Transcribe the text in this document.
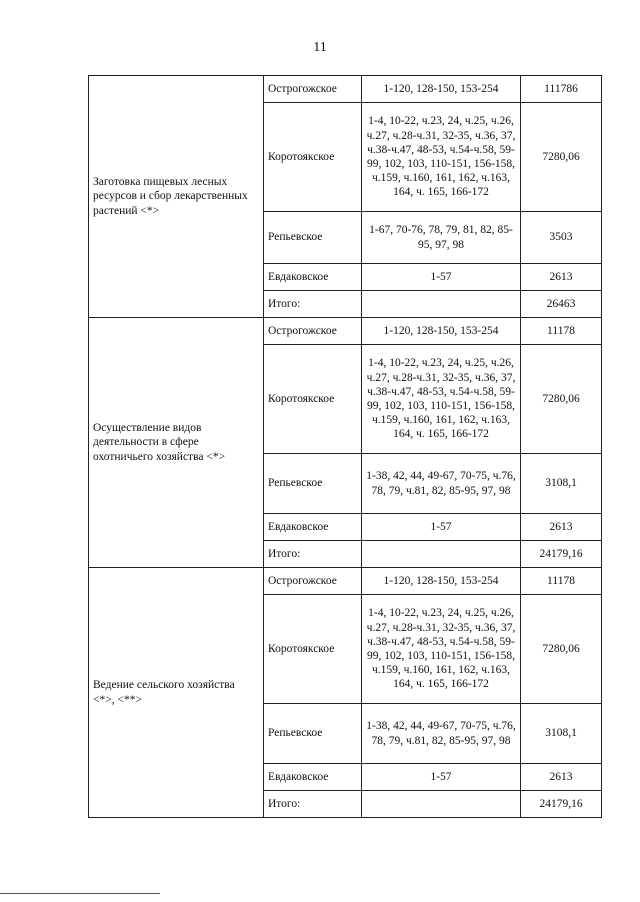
11
Заготовка пищевых лесных ресурсов и сбор лекарственных растений <*>	Острогожское	1-120, 128-150, 153-254	111786
	Коротоякское	1-4, 10-22, ч.23, 24, ч.25, ч.26, ч.27, ч.28-ч.31, 32-35, ч.36, 37, ч.38-ч.47, 48-53, ч.54-ч.58, 59-99, 102, 103, 110-151, 156-158, ч.159, ч.160, 161, 162, ч.163, 164, ч. 165, 166-172	7280,06
	Репьевское	1-67, 70-76, 78, 79, 81, 82, 85-95, 97, 98	3503
	Евдаковское	1-57	2613
	Итого:		26463
Осуществление видов деятельности в сфере охотничьего хозяйства <*>	Острогожское	1-120, 128-150, 153-254	11178
	Коротоякское	1-4, 10-22, ч.23, 24, ч.25, ч.26, ч.27, ч.28-ч.31, 32-35, ч.36, 37, ч.38-ч.47, 48-53, ч.54-ч.58, 59-99, 102, 103, 110-151, 156-158, ч.159, ч.160, 161, 162, ч.163, 164, ч. 165, 166-172	7280,06
	Репьевское	1-38, 42, 44, 49-67, 70-75, ч.76, 78, 79, ч.81, 82, 85-95, 97, 98	3108,1
	Евдаковское	1-57	2613
	Итого:		24179,16
Ведение сельского хозяйства <*>, <**>	Острогожское	1-120, 128-150, 153-254	11178
	Коротоякское	1-4, 10-22, ч.23, 24, ч.25, ч.26, ч.27, ч.28-ч.31, 32-35, ч.36, 37, ч.38-ч.47, 48-53, ч.54-ч.58, 59-99, 102, 103, 110-151, 156-158, ч.159, ч.160, 161, 162, ч.163, 164, ч. 165, 166-172	7280,06
	Репьевское	1-38, 42, 44, 49-67, 70-75, ч.76, 78, 79, ч.81, 82, 85-95, 97, 98	3108,1
	Евдаковское	1-57	2613
	Итого:		24179,16
